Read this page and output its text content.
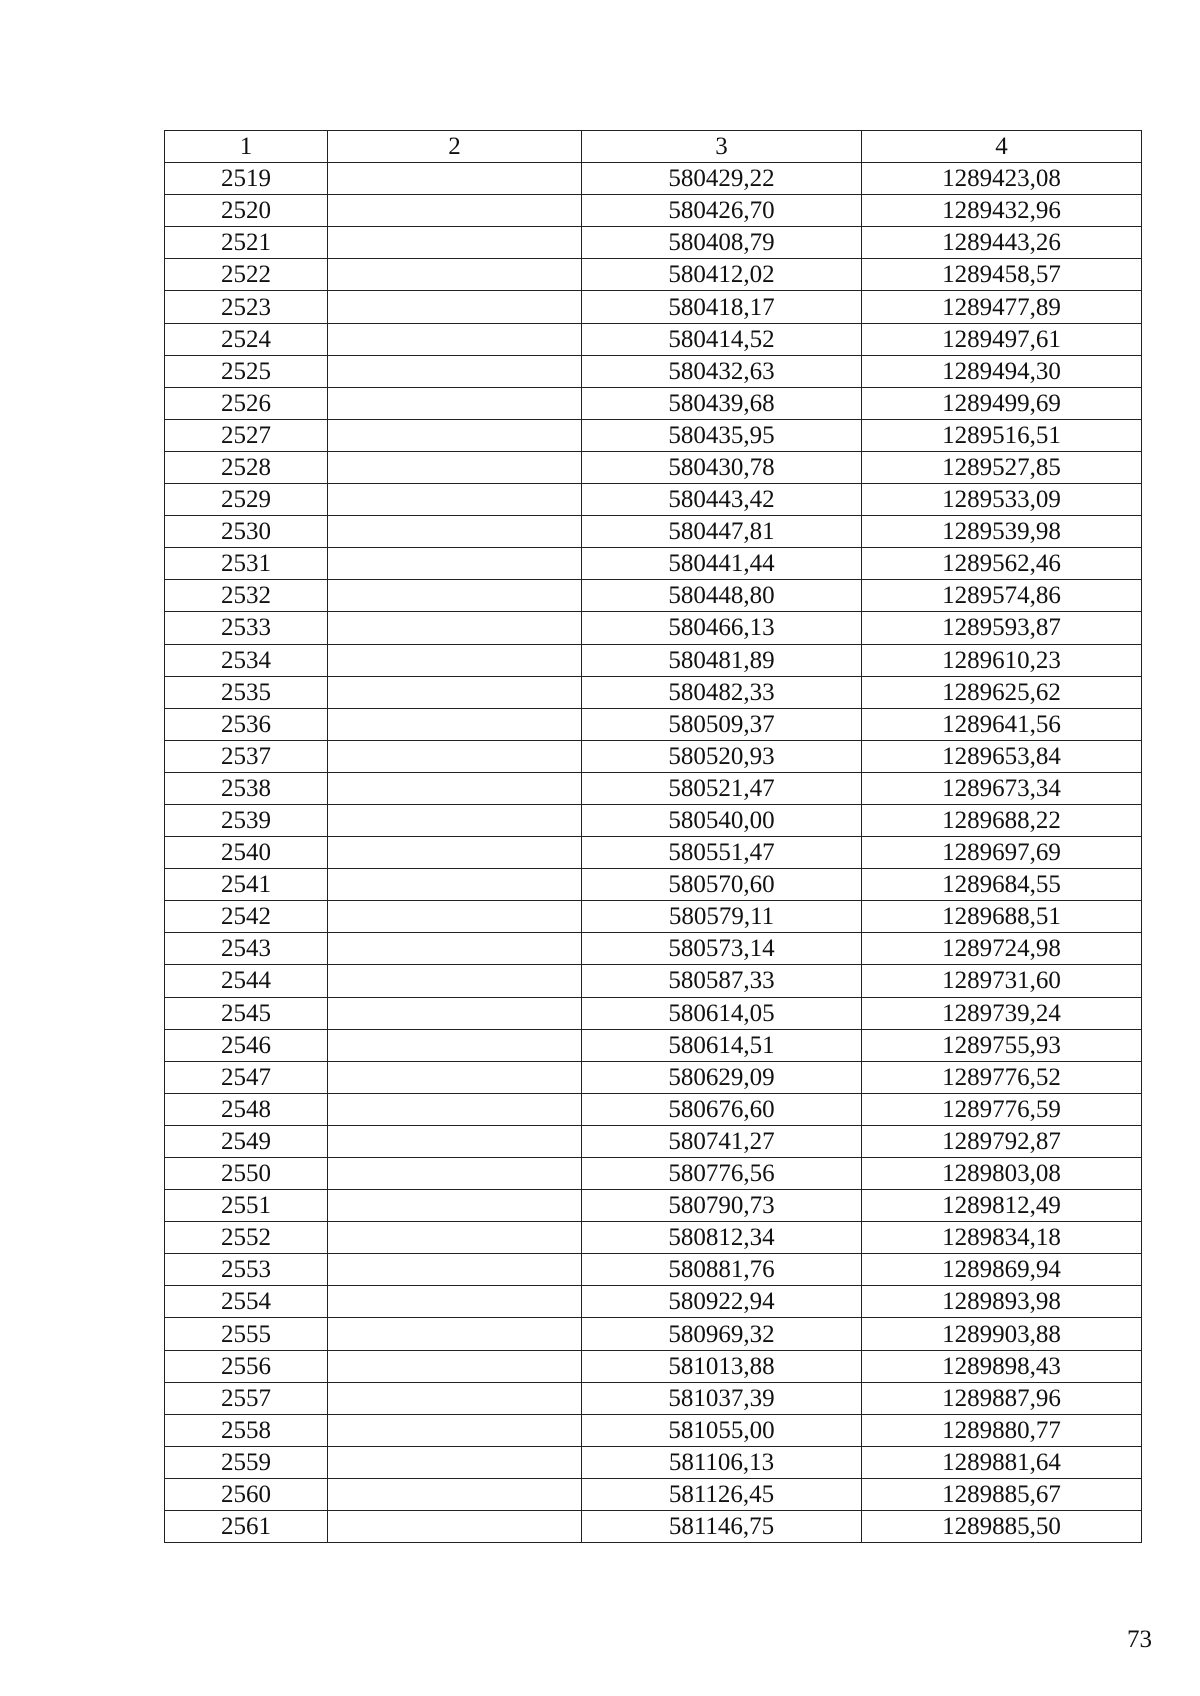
1	2	3	4
2519		580429,22	1289423,08
2520		580426,70	1289432,96
2521		580408,79	1289443,26
2522		580412,02	1289458,57
2523		580418,17	1289477,89
2524		580414,52	1289497,61
2525		580432,63	1289494,30
2526		580439,68	1289499,69
2527		580435,95	1289516,51
2528		580430,78	1289527,85
2529		580443,42	1289533,09
2530		580447,81	1289539,98
2531		580441,44	1289562,46
2532		580448,80	1289574,86
2533		580466,13	1289593,87
2534		580481,89	1289610,23
2535		580482,33	1289625,62
2536		580509,37	1289641,56
2537		580520,93	1289653,84
2538		580521,47	1289673,34
2539		580540,00	1289688,22
2540		580551,47	1289697,69
2541		580570,60	1289684,55
2542		580579,11	1289688,51
2543		580573,14	1289724,98
2544		580587,33	1289731,60
2545		580614,05	1289739,24
2546		580614,51	1289755,93
2547		580629,09	1289776,52
2548		580676,60	1289776,59
2549		580741,27	1289792,87
2550		580776,56	1289803,08
2551		580790,73	1289812,49
2552		580812,34	1289834,18
2553		580881,76	1289869,94
2554		580922,94	1289893,98
2555		580969,32	1289903,88
2556		581013,88	1289898,43
2557		581037,39	1289887,96
2558		581055,00	1289880,77
2559		581106,13	1289881,64
2560		581126,45	1289885,67
2561		581146,75	1289885,50
73
